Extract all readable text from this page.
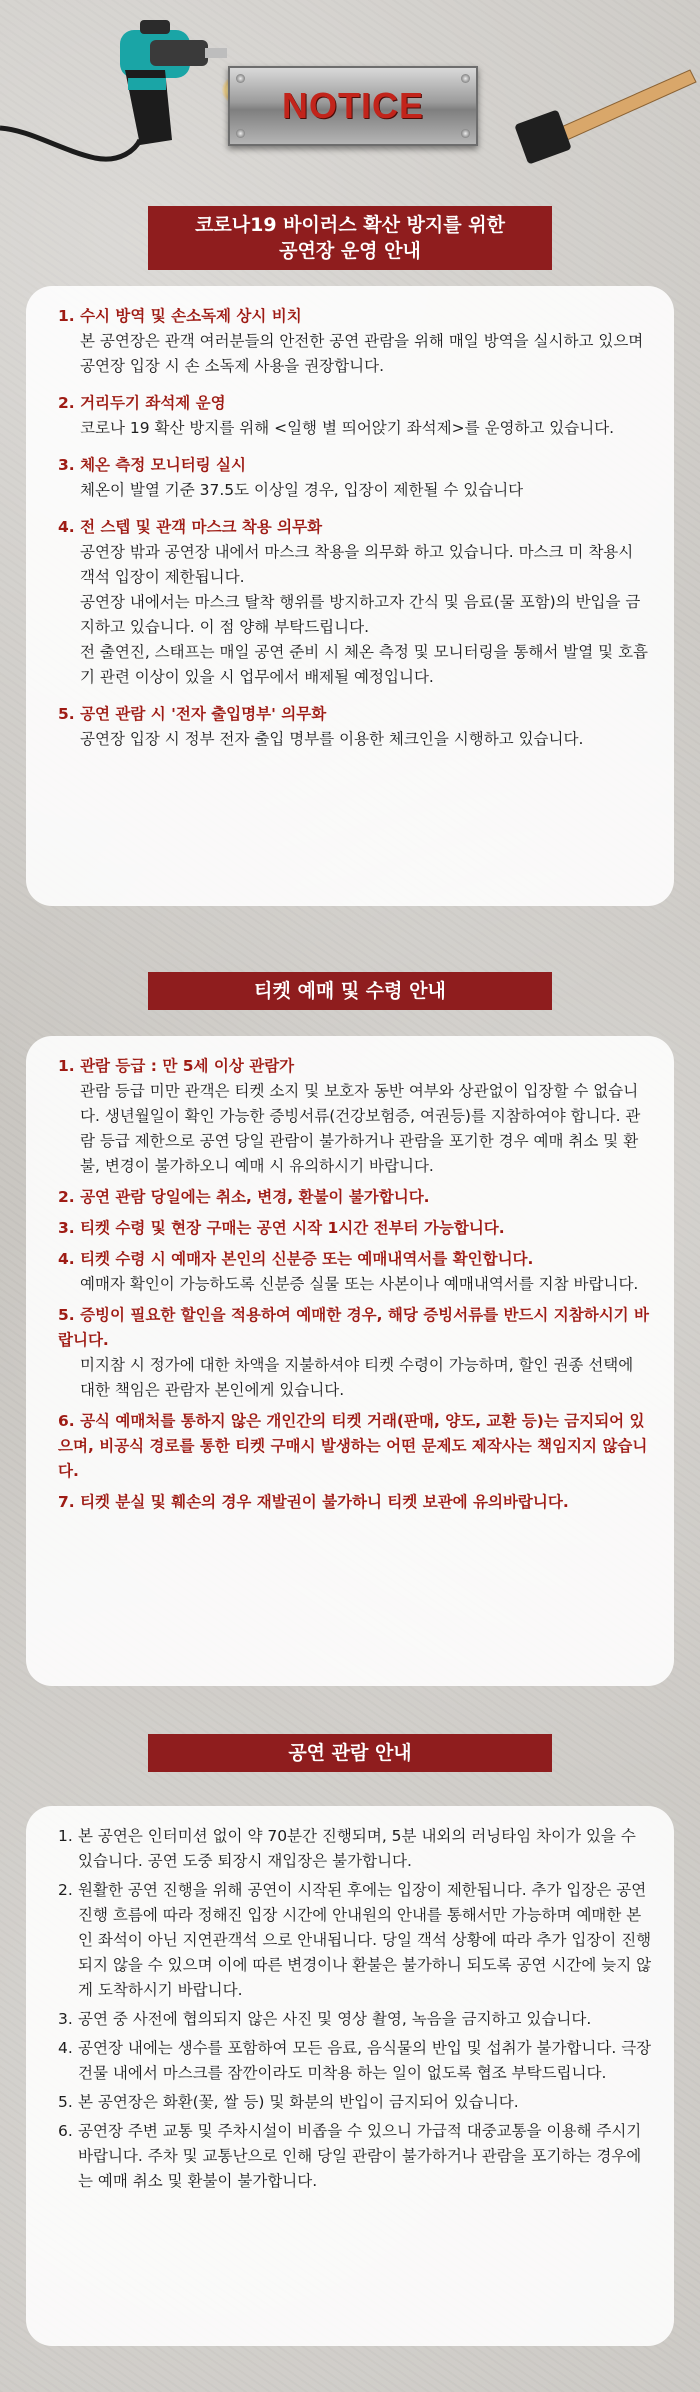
NOTICE
코로나19 바이러스 확산 방지를 위한
공연장 운영 안내
1. 수시 방역 및 손소독제 상시 비치

본 공연장은 관객 여러분들의 안전한 공연 관람을 위해 매일 방역을 실시하고 있으며 공연장 입장 시 손 소독제 사용을 권장합니다.

2. 거리두기 좌석제 운영

코로나 19 확산 방지를 위해 <일행 별 띄어앉기 좌석제>를 운영하고 있습니다.

3. 체온 측정 모니터링 실시

체온이 발열 기준 37.5도 이상일 경우, 입장이 제한될 수 있습니다

4. 전 스텝 및 관객 마스크 착용 의무화

공연장 밖과 공연장 내에서 마스크 착용을 의무화 하고 있습니다. 마스크 미 착용시 객석 입장이 제한됩니다.

공연장 내에서는 마스크 탈착 행위를 방지하고자 간식 및 음료(물 포함)의 반입을 금지하고 있습니다. 이 점 양해 부탁드립니다.

전 출연진, 스태프는 매일 공연 준비 시 체온 측정 및 모니터링을 통해서 발열 및 호흡기 관련 이상이 있을 시 업무에서 배제될 예정입니다.

5. 공연 관람 시 '전자 출입명부' 의무화

공연장 입장 시 정부 전자 출입 명부를 이용한 체크인을 시행하고 있습니다.

티켓 예매 및 수령 안내
1. 관람 등급 : 만 5세 이상 관람가

관람 등급 미만 관객은 티켓 소지 및 보호자 동반 여부와 상관없이 입장할 수 없습니다. 생년월일이 확인 가능한 증빙서류(건강보험증, 여권등)를 지참하여야 합니다. 관람 등급 제한으로 공연 당일 관람이 불가하거나 관람을 포기한 경우 예매 취소 및 환불, 변경이 불가하오니 예매 시 유의하시기 바랍니다.

2. 공연 관람 당일에는 취소, 변경, 환불이 불가합니다.
3. 티켓 수령 및 현장 구매는 공연 시작 1시간 전부터 가능합니다.
4. 티켓 수령 시 예매자 본인의 신분증 또는 예매내역서를 확인합니다.

예매자 확인이 가능하도록 신분증 실물 또는 사본이나 예매내역서를 지참 바랍니다.

5. 증빙이 필요한 할인을 적용하여 예매한 경우, 해당 증빙서류를 반드시 지참하시기 바랍니다.

미지참 시 정가에 대한 차액을 지불하셔야 티켓 수령이 가능하며, 할인 권종 선택에 대한 책임은 관람자 본인에게 있습니다.

6. 공식 예매처를 통하지 않은 개인간의 티켓 거래(판매, 양도, 교환 등)는 금지되어 있으며, 비공식 경로를 통한 티켓 구매시 발생하는 어떤 문제도 제작사는 책임지지 않습니다.
7. 티켓 분실 및 훼손의 경우 재발권이 불가하니 티켓 보관에 유의바랍니다.
공연 관람 안내
1. 본 공연은 인터미션 없이 약 70분간 진행되며, 5분 내외의 러닝타임 차이가 있을 수 있습니다. 공연 도중 퇴장시 재입장은 불가합니다.
2. 원활한 공연 진행을 위해 공연이 시작된 후에는 입장이 제한됩니다. 추가 입장은 공연 진행 흐름에 따라 정해진 입장 시간에 안내원의 안내를 통해서만 가능하며 예매한 본인 좌석이 아닌 지연관객석 으로 안내됩니다. 당일 객석 상황에 따라 추가 입장이 진행되지 않을 수 있으며 이에 따른 변경이나 환불은 불가하니 되도록 공연 시간에 늦지 않게 도착하시기 바랍니다.
3. 공연 중 사전에 협의되지 않은 사진 및 영상 촬영, 녹음을 금지하고 있습니다.
4. 공연장 내에는 생수를 포함하여 모든 음료, 음식물의 반입 및 섭취가 불가합니다. 극장 건물 내에서 마스크를 잠깐이라도 미착용 하는 일이 없도록 협조 부탁드립니다.
5. 본 공연장은 화환(꽃, 쌀 등) 및 화분의 반입이 금지되어 있습니다.
6. 공연장 주변 교통 및 주차시설이 비좁을 수 있으니 가급적 대중교통을 이용해 주시기 바랍니다. 주차 및 교통난으로 인해 당일 관람이 불가하거나 관람을 포기하는 경우에는 예매 취소 및 환불이 불가합니다.
